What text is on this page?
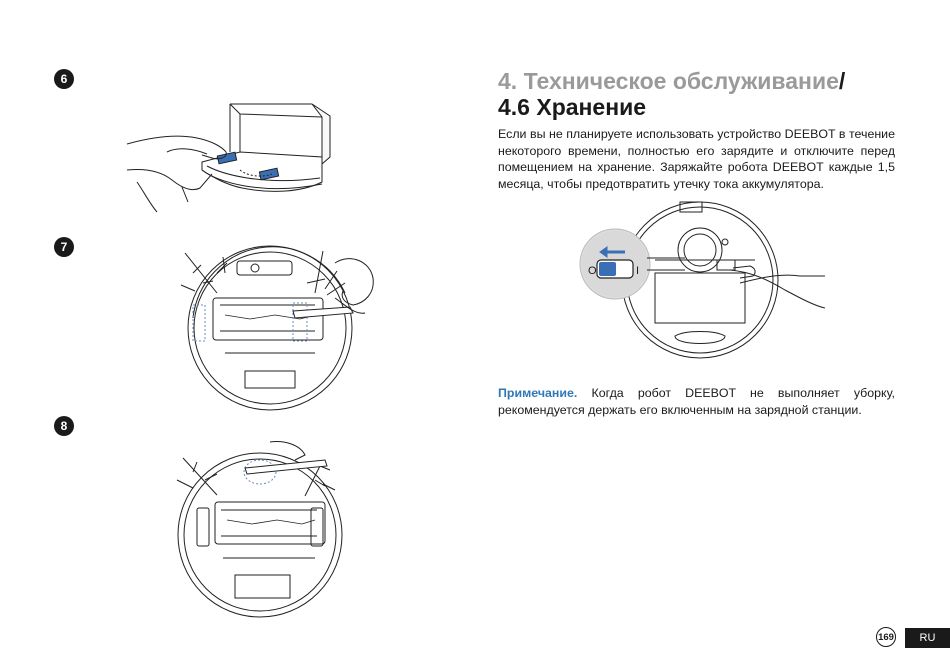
6
7
8
4. Техническое обслуживание/
4.6 Хранение
Если вы не планируете использовать устройство DEEBOT в течение некоторого времени, полностью его зарядите и отключите перед помещением на хранение. Заряжайте робота DEEBOT каждые 1,5 месяца, чтобы предотвратить утечку тока аккумулятора.
O	I
Примечание. Когда робот DEEBOT не выполняет уборку, рекомендуется держать его включенным на зарядной станции.
169	RU
